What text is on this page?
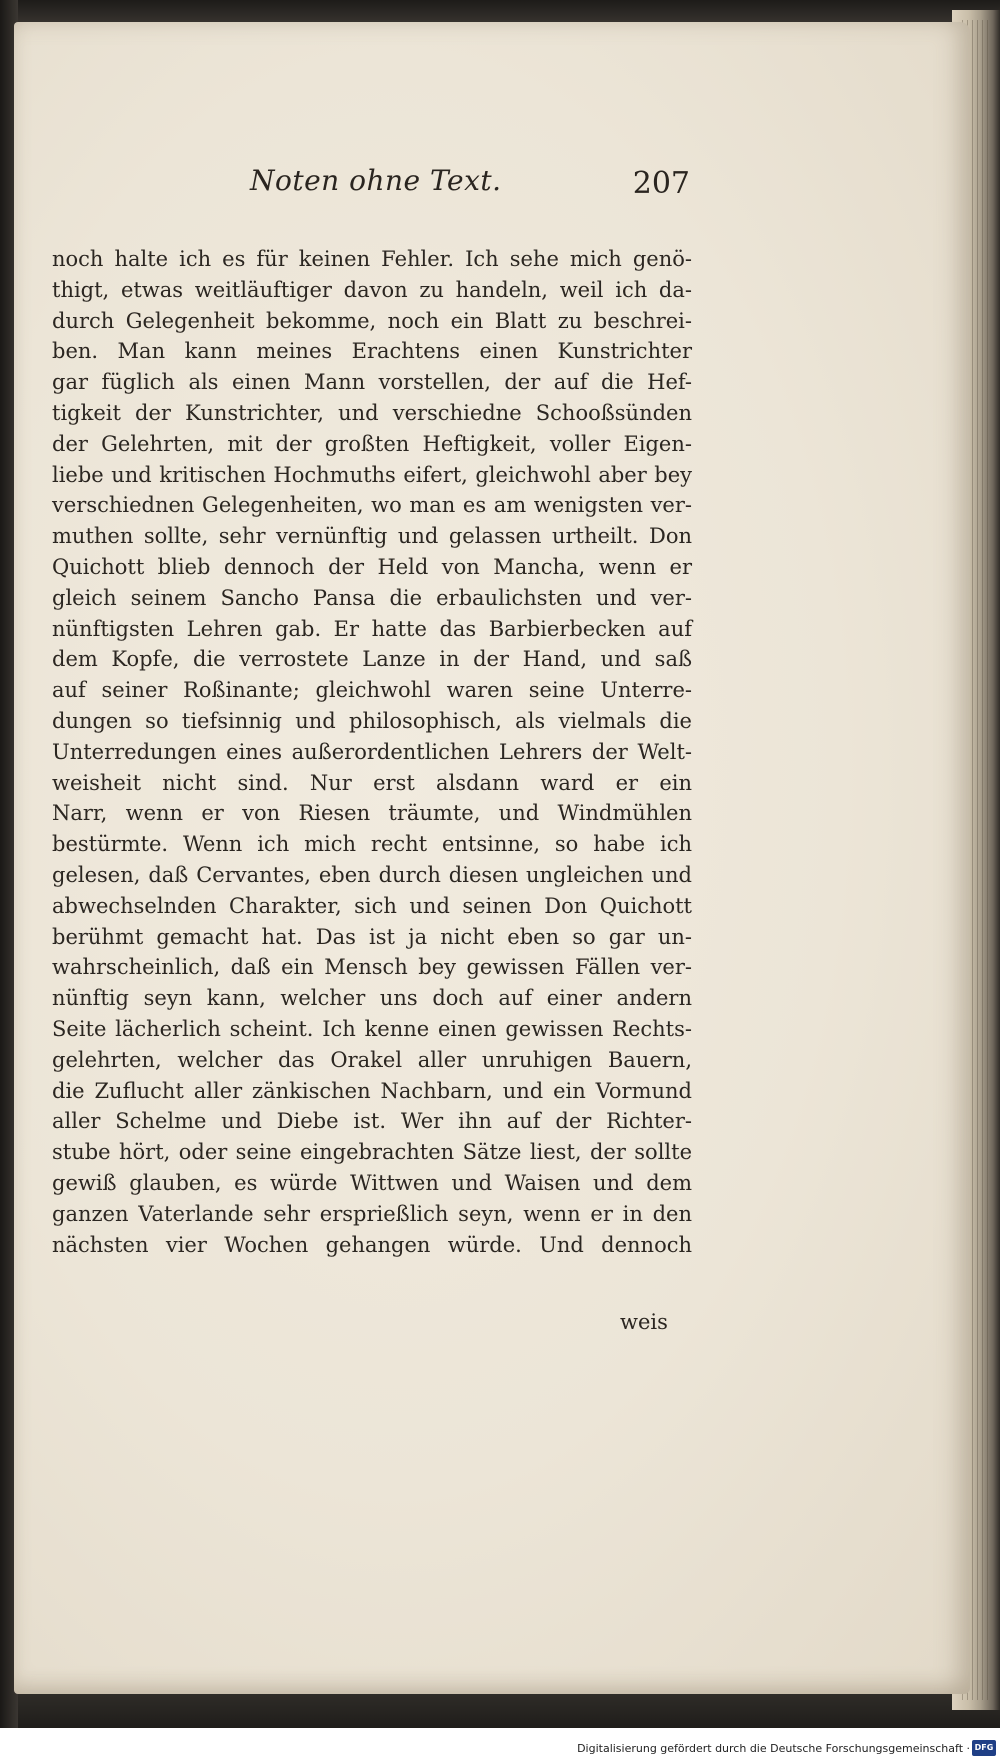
Noten ohne Text.	207
noch halte ich es für keinen Fehler. Ich sehe mich genö-
thigt, etwas weitläuftiger davon zu handeln, weil ich da-
durch Gelegenheit bekomme, noch ein Blatt zu beschrei-
ben. Man kann meines Erachtens einen Kunstrichter
gar füglich als einen Mann vorstellen, der auf die Hef-
tigkeit der Kunstrichter, und verschiedne Schooßsünden
der Gelehrten, mit der großten Heftigkeit, voller Eigen-
liebe und kritischen Hochmuths eifert, gleichwohl aber bey
verschiednen Gelegenheiten, wo man es am wenigsten ver-
muthen sollte, sehr vernünftig und gelassen urtheilt. Don
Quichott blieb dennoch der Held von Mancha, wenn er
gleich seinem Sancho Pansa die erbaulichsten und ver-
nünftigsten Lehren gab. Er hatte das Barbierbecken auf
dem Kopfe, die verrostete Lanze in der Hand, und saß
auf seiner Roßinante; gleichwohl waren seine Unterre-
dungen so tiefsinnig und philosophisch, als vielmals die
Unterredungen eines außerordentlichen Lehrers der Welt-
weisheit nicht sind. Nur erst alsdann ward er ein
Narr, wenn er von Riesen träumte, und Windmühlen
bestürmte. Wenn ich mich recht entsinne, so habe ich
gelesen, daß Cervantes, eben durch diesen ungleichen und
abwechselnden Charakter, sich und seinen Don Quichott
berühmt gemacht hat. Das ist ja nicht eben so gar un-
wahrscheinlich, daß ein Mensch bey gewissen Fällen ver-
nünftig seyn kann, welcher uns doch auf einer andern
Seite lächerlich scheint. Ich kenne einen gewissen Rechts-
gelehrten, welcher das Orakel aller unruhigen Bauern,
die Zuflucht aller zänkischen Nachbarn, und ein Vormund
aller Schelme und Diebe ist. Wer ihn auf der Richter-
stube hört, oder seine eingebrachten Sätze liest, der sollte
gewiß glauben, es würde Wittwen und Waisen und dem
ganzen Vaterlande sehr ersprießlich seyn, wenn er in den
nächsten vier Wochen gehangen würde. Und dennoch
weis
Digitalisierung gefördert durch die Deutsche Forschungsgemeinschaft · DFG
